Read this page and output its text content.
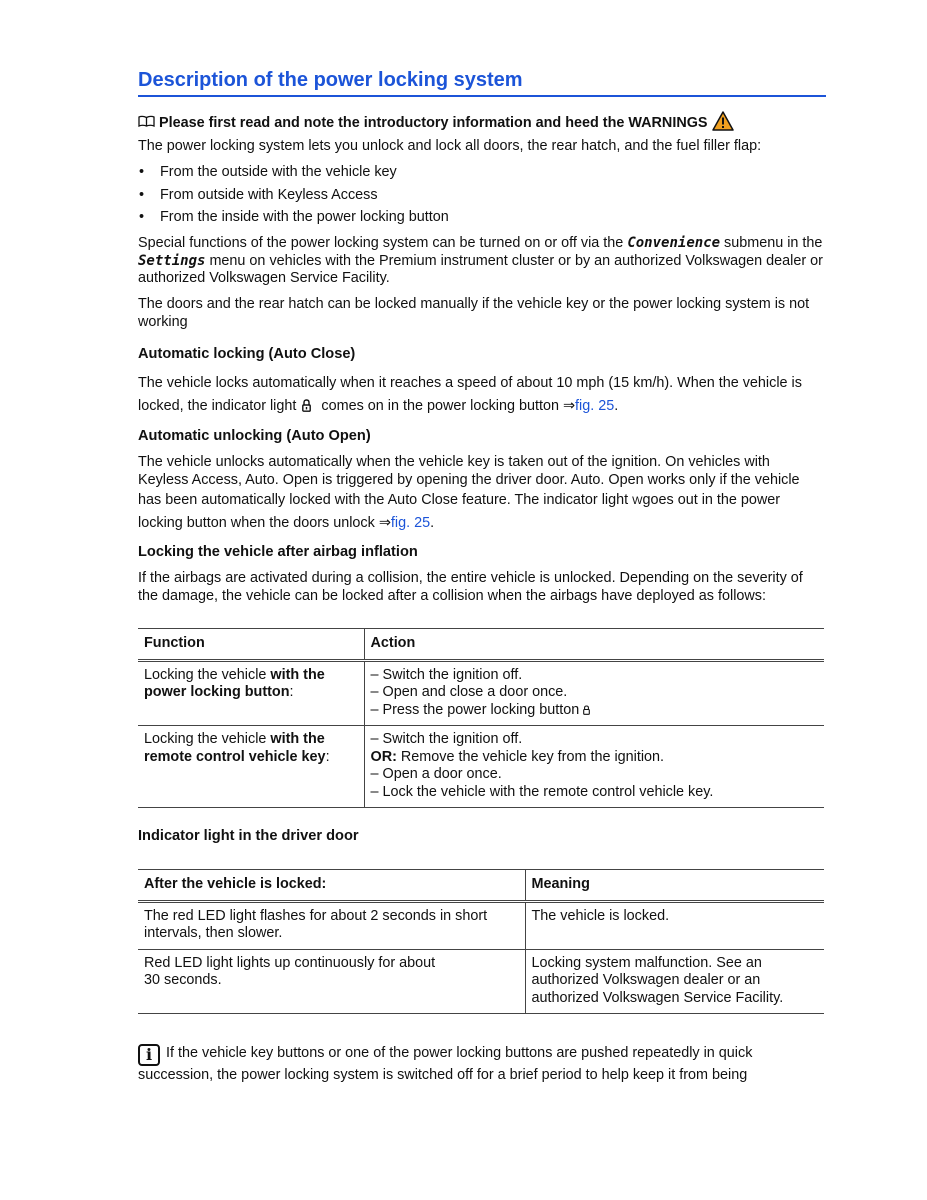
Description of the power locking system
Please first read and note the introductory information and heed the WARNINGS
The power locking system lets you unlock and lock all doors, the rear hatch, and the fuel filler flap:
• From the outside with the vehicle key
• From outside with Keyless Access
• From the inside with the power locking button
Special functions of the power locking system can be turned on or off via the Convenience submenu in the Settings menu on vehicles with the Premium instrument cluster or by an authorized Volkswagen dealer or authorized Volkswagen Service Facility.
The doors and the rear hatch can be locked manually if the vehicle key or the power locking system is not working
Automatic locking (Auto Close)
The vehicle locks automatically when it reaches a speed of about 10 mph (15 km/h). When the vehicle is locked, the indicator light comes on in the power locking button ⇒fig. 25.
Automatic unlocking (Auto Open)
The vehicle unlocks automatically when the vehicle key is taken out of the ignition. On vehicles with Keyless Access, Auto. Open is triggered by opening the driver door. Auto. Open works only if the vehicle has been automatically locked with the Auto Close feature. The indicator light Wgoes out in the power locking button when the doors unlock ⇒fig. 25.
Locking the vehicle after airbag inflation
If the airbags are activated during a collision, the entire vehicle is unlocked. Depending on the severity of the damage, the vehicle can be locked after a collision when the airbags have deployed as follows:
Function	Action
Locking the vehicle with the power locking button:	– Switch the ignition off.
– Open and close a door once.
– Press the power locking button

Locking the vehicle with the remote control vehicle key:	– Switch the ignition off.
OR: Remove the vehicle key from the ignition.
– Open a door once.
– Lock the vehicle with the remote control vehicle key.
Indicator light in the driver door
After the vehicle is locked:	Meaning
The red LED light flashes for about 2 seconds in short intervals, then slower.	The vehicle is locked.
Red LED light lights up continuously for about 30 seconds.	Locking system malfunction. See an authorized Volkswagen dealer or an authorized Volkswagen Service Facility.
i If the vehicle key buttons or one of the power locking buttons are pushed repeatedly in quick succession, the power locking system is switched off for a brief period to help keep it from being
